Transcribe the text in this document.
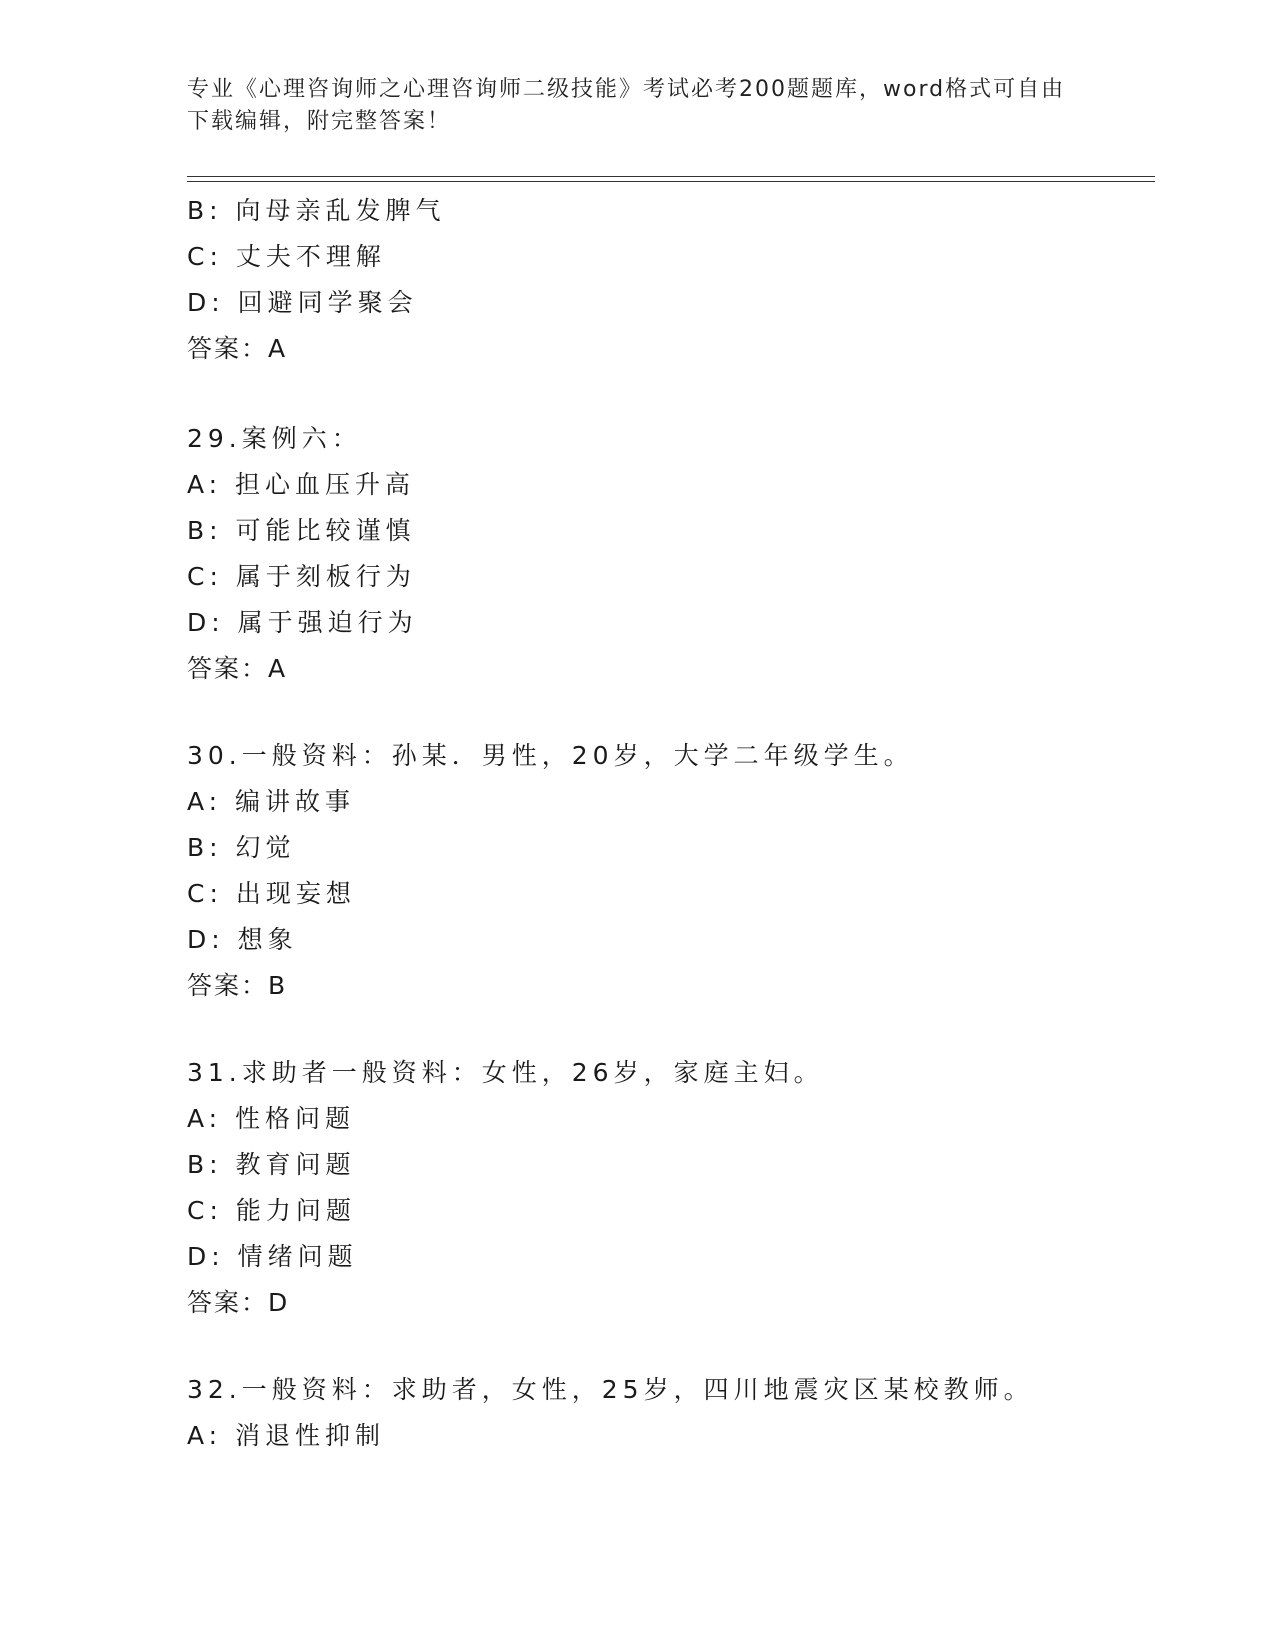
专业《心理咨询师之心理咨询师二级技能》考试必考200题题库，word格式可自由下载编辑，附完整答案！
B: 向母亲乱发脾气
C: 丈夫不理解
D: 回避同学聚会
答案：A
29.案例六：
A: 担心血压升高
B: 可能比较谨慎
C: 属于刻板行为
D: 属于强迫行为
答案：A
30.一般资料：孙某．男性，20岁，大学二年级学生。
A: 编讲故事
B: 幻觉
C: 出现妄想
D: 想象
答案：B
31.求助者一般资料：女性，26岁，家庭主妇。
A: 性格问题
B: 教育问题
C: 能力问题
D: 情绪问题
答案：D
32.一般资料：求助者，女性，25岁，四川地震灾区某校教师。
A: 消退性抑制
